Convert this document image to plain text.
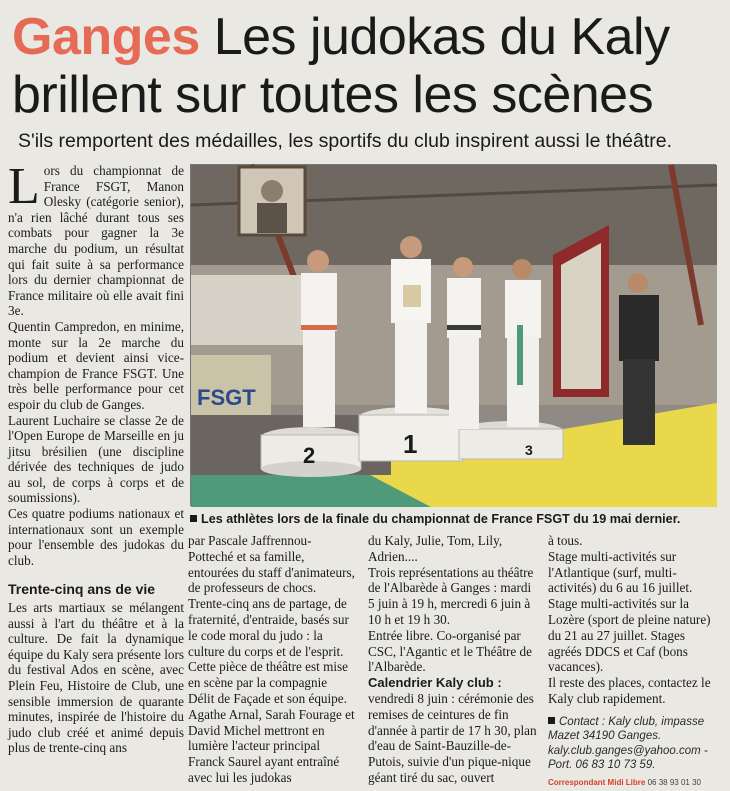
Ganges Les judokas du Kaly brillent sur toutes les scènes
S'ils remportent des médailles, les sportifs du club inspirent aussi le théâtre.

Lors du championnat de France FSGT, Manon Olesky (catégorie senior), n'a rien lâché durant tous ses combats pour gagner la 3e marche du podium, un résultat qui fait suite à sa performance lors du dernier championnat de France militaire où elle avait fini 3e.

Quentin Campredon, en minime, monte sur la 2e marche du podium et devient ainsi vice-champion de France FSGT. Une très belle performance pour cet espoir du club de Ganges.

Laurent Luchaire se classe 2e de l'Open Europe de Marseille en ju jitsu brésilien (une discipline dérivée des techniques de judo au sol, de corps à corps et de soumissions).

Ces quatre podiums nationaux et internationaux sont un exemple pour l'ensemble des judokas du club.

Trente-cinq ans de vie

Les arts martiaux se mélangent aussi à l'art du théâtre et à la culture. De fait la dynamique équipe du Kaly sera présente lors du festival Ados en scène, avec Plein Feu, Histoire de Club, une sensible immersion de quarante minutes, inspirée de l'histoire du judo club créé et animé depuis plus de trente-cinq ans

FSGT
2	1	3
Les athlètes lors de la finale du championnat de France FSGT du 19 mai dernier.

par Pascale Jaffrennou-Potteché et sa famille, entourées du staff d'animateurs, de professeurs de chocs. Trente-cinq ans de partage, de fraternité, d'entraide, basés sur le code moral du judo : la culture du corps et de l'esprit.

Cette pièce de théâtre est mise en scène par la compagnie Délit de Façade et son équipe. Agathe Arnal, Sarah Fourage et David Michel mettront en lumière l'acteur principal Franck Saurel ayant entraîné avec lui les judokas

du Kaly, Julie, Tom, Lily, Adrien....

Trois représentations au théâtre de l'Albarède à Ganges : mardi 5 juin à 19 h, mercredi 6 juin à 10 h et 19 h 30.

Entrée libre. Co-organisé par CSC, l'Agantic et le Théâtre de l'Albarède.

Calendrier Kaly club :

vendredi 8 juin : cérémonie des remises de ceintures de fin d'année à partir de 17 h 30, plan d'eau de Saint-Bauzille-de-Putois, suivie d'un pique-nique géant tiré du sac, ouvert

à tous.

Stage multi-activités sur l'Atlantique (surf, multi-activités) du 6 au 16 juillet. Stage multi-activités sur la Lozère (sport de pleine nature) du 21 au 27 juillet. Stages agréés DDCS et Caf (bons vacances).

Il reste des places, contactez le Kaly club rapidement.

Contact : Kaly club, impasse Mazet 34190 Ganges.
kaly.club.ganges@yahoo.com - Port. 06 83 10 73 59.
Correspondant Midi Libre 06 38 93 01 30
